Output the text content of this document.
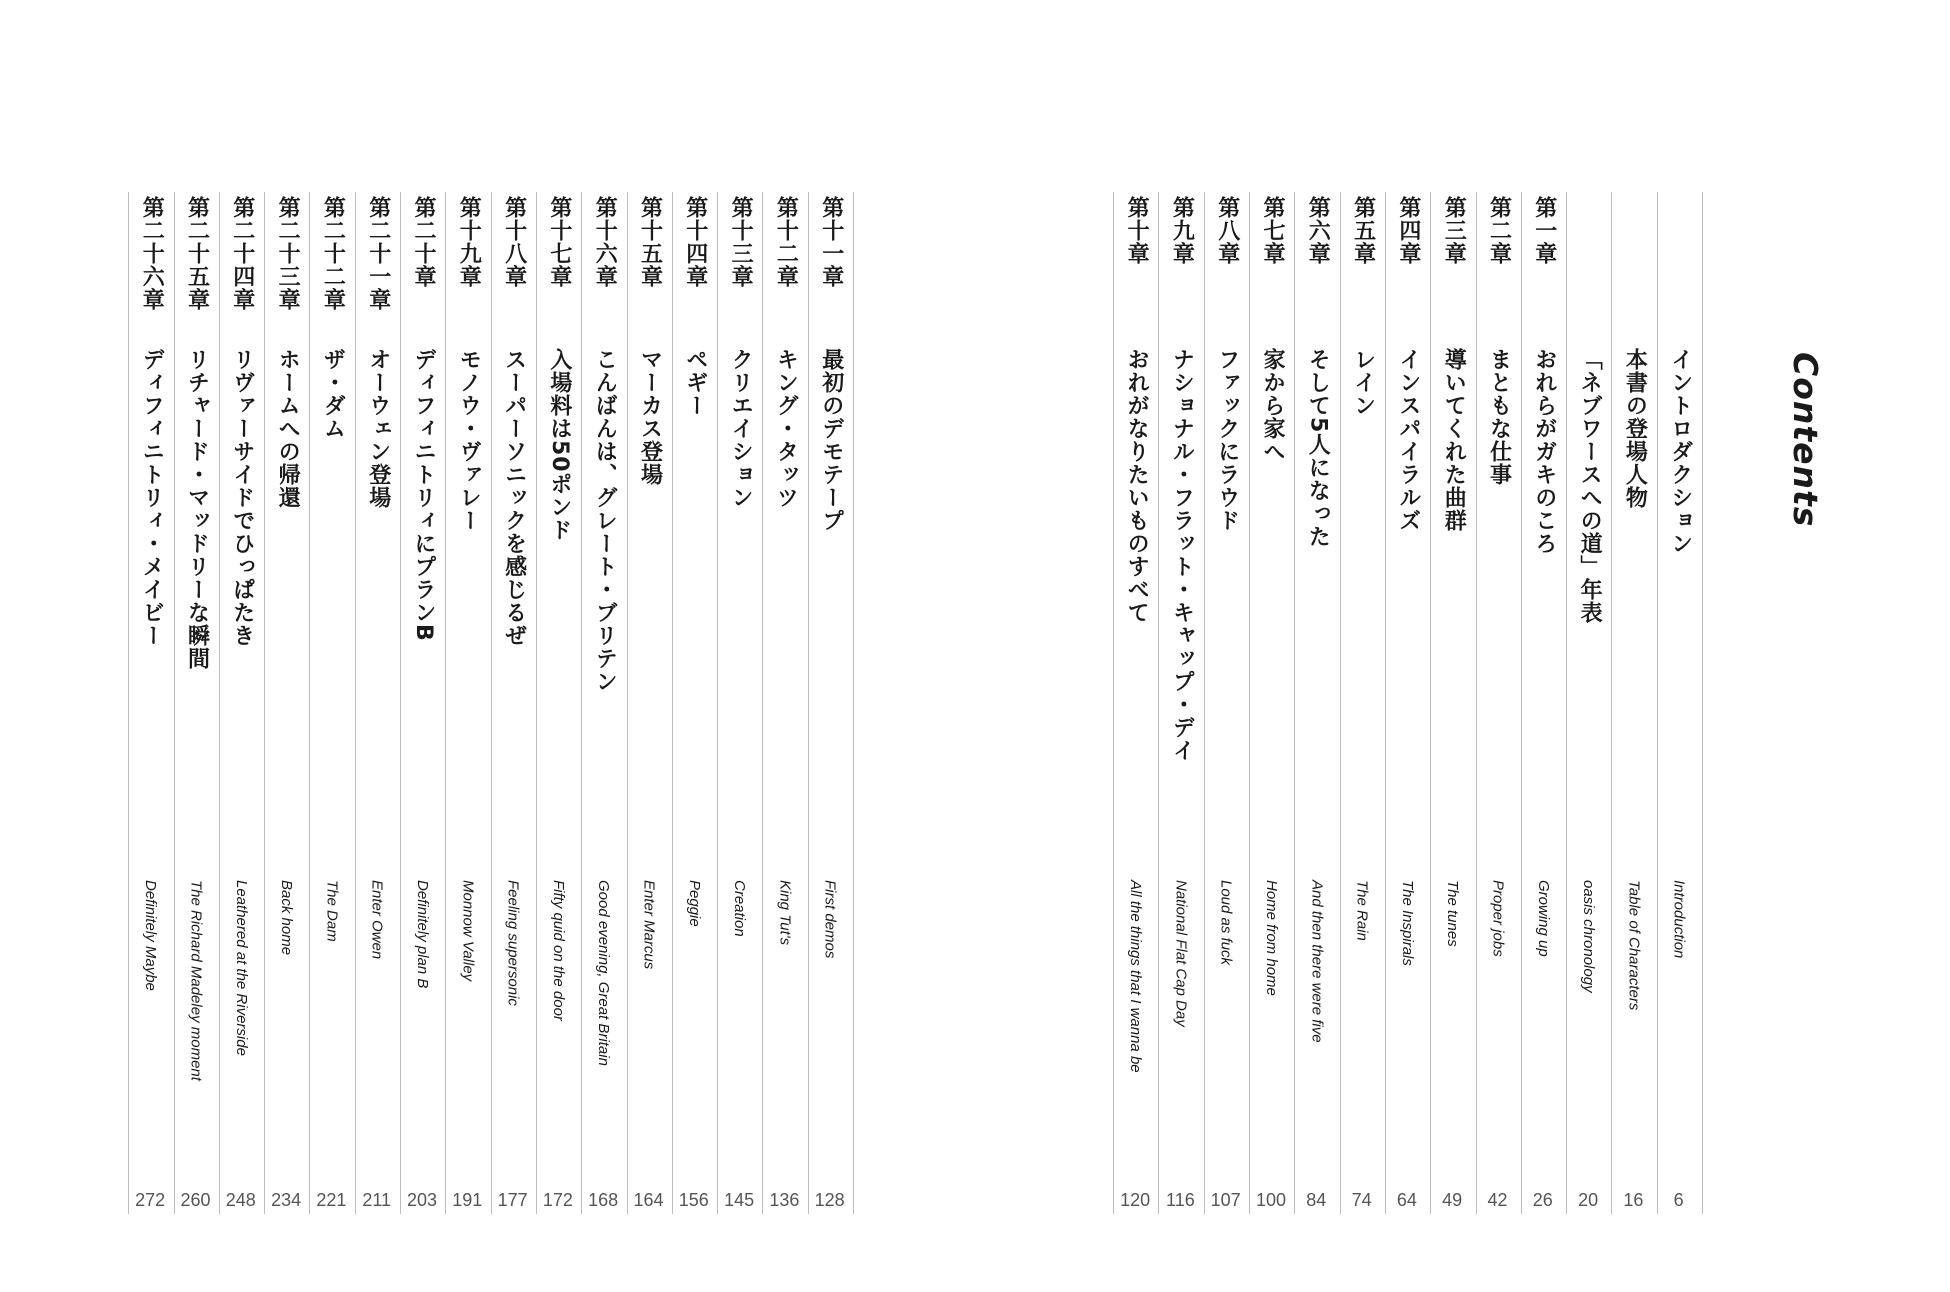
Contents
イントロダクション
Introduction
6
本書の登場人物
Table of Characters
16
「ネブワースへの道」年表
oasis chronology
20
第一章
おれらがガキのころ
Growing up
26
第二章
まともな仕事
Proper jobs
42
第三章
導いてくれた曲群
The tunes
49
第四章
インスパイラルズ
The Inspirals
64
第五章
レイン
The Rain
74
第六章
そして5人になった
And then there were five
84
第七章
家から家へ
Home from home
100
第八章
ファックにラウド
Loud as fuck
107
第九章
ナショナル・フラット・キャップ・デイ
National Flat Cap Day
116
第十章
おれがなりたいものすべて
All the things that I wanna be
120
第十一章
最初のデモテープ
First demos
128
第十二章
キング・タッツ
King Tut's
136
第十三章
クリエイション
Creation
145
第十四章
ペギー
Peggie
156
第十五章
マーカス登場
Enter Marcus
164
第十六章
こんばんは、グレート・ブリテン
Good evening, Great Britain
168
第十七章
入場料は50ポンド
Fifty quid on the door
172
第十八章
スーパーソニックを感じるぜ
Feeling supersonic
177
第十九章
モノウ・ヴァレー
Monnow Valley
191
第二十章
ディフィニトリィにプランB
Definitely plan B
203
第二十一章
オーウェン登場
Enter Owen
211
第二十二章
ザ・ダム
The Dam
221
第二十三章
ホームへの帰還
Back home
234
第二十四章
リヴァーサイドでひっぱたき
Leathered at the Riverside
248
第二十五章
リチャード・マッドリーな瞬間
The Richard Madeley moment
260
第二十六章
ディフィニトリィ・メイビー
Definitely Maybe
272
